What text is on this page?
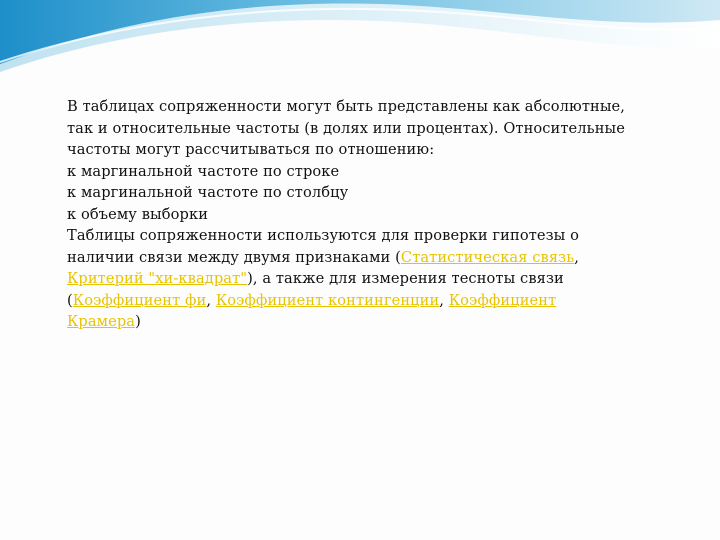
В таблицах сопряженности могут быть представлены как абсолютные, так и относительные частоты (в долях или процентах). Относительные частоты могут рассчитываться по отношению:

к маргинальной частоте по строке

к маргинальной частоте по столбцу

к объему выборки

Таблицы сопряженности используются для проверки гипотезы о наличии связи между двумя признаками (Статистическая связь, Критерий "хи-квадрат"), а также для измерения тесноты связи (Коэффициент фи, Коэффициент контингенции, Коэффициент Крамера)
